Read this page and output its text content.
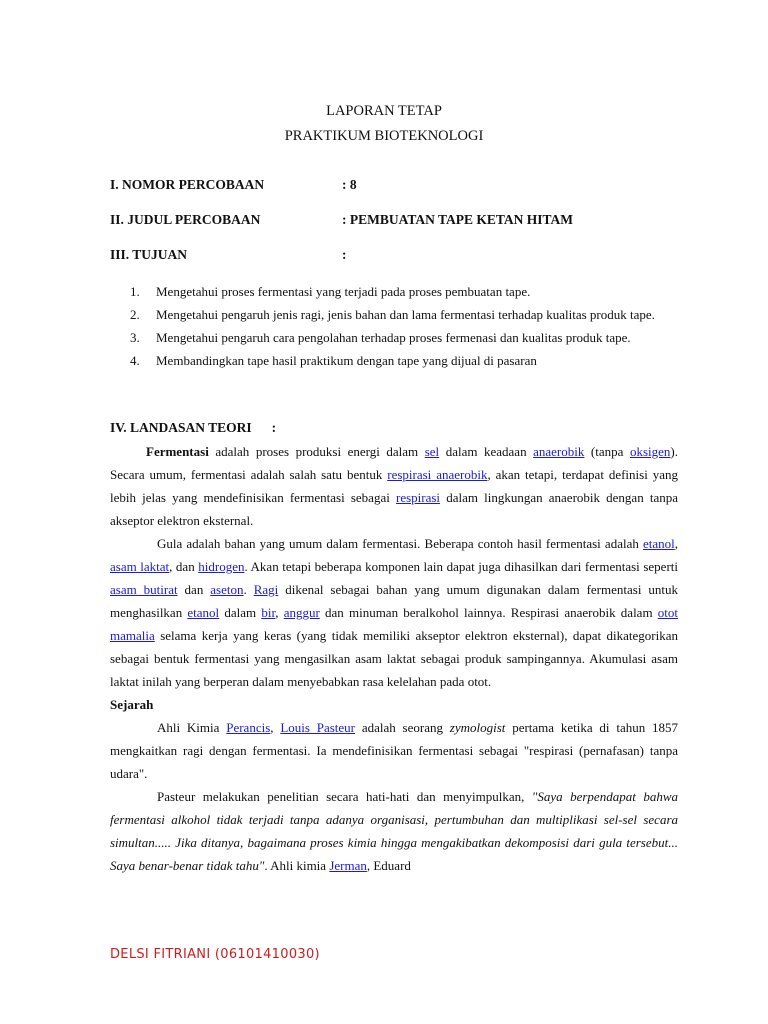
LAPORAN TETAP
PRAKTIKUM BIOTEKNOLOGI
I. NOMOR PERCOBAAN	: 8
II. JUDUL PERCOBAAN	: PEMBUATAN TAPE KETAN HITAM
III. TUJUAN	:
1. Mengetahui proses fermentasi yang terjadi pada proses pembuatan tape.
2. Mengetahui pengaruh jenis ragi, jenis bahan dan lama fermentasi terhadap kualitas produk tape.
3. Mengetahui pengaruh cara pengolahan terhadap proses fermenasi dan kualitas produk tape.
4. Membandingkan tape hasil praktikum dengan tape yang dijual di pasaran
IV. LANDASAN TEORI :

Fermentasi adalah proses produksi energi dalam sel dalam keadaan anaerobik (tanpa oksigen). Secara umum, fermentasi adalah salah satu bentuk respirasi anaerobik, akan tetapi, terdapat definisi yang lebih jelas yang mendefinisikan fermentasi sebagai respirasi dalam lingkungan anaerobik dengan tanpa akseptor elektron eksternal.

Gula adalah bahan yang umum dalam fermentasi. Beberapa contoh hasil fermentasi adalah etanol, asam laktat, dan hidrogen. Akan tetapi beberapa komponen lain dapat juga dihasilkan dari fermentasi seperti asam butirat dan aseton. Ragi dikenal sebagai bahan yang umum digunakan dalam fermentasi untuk menghasilkan etanol dalam bir, anggur dan minuman beralkohol lainnya. Respirasi anaerobik dalam otot mamalia selama kerja yang keras (yang tidak memiliki akseptor elektron eksternal), dapat dikategorikan sebagai bentuk fermentasi yang mengasilkan asam laktat sebagai produk sampingannya. Akumulasi asam laktat inilah yang berperan dalam menyebabkan rasa kelelahan pada otot.

Sejarah

Ahli Kimia Perancis, Louis Pasteur adalah seorang zymologist pertama ketika di tahun 1857 mengkaitkan ragi dengan fermentasi. Ia mendefinisikan fermentasi sebagai "respirasi (pernafasan) tanpa udara".

Pasteur melakukan penelitian secara hati-hati dan menyimpulkan, "Saya berpendapat bahwa fermentasi alkohol tidak terjadi tanpa adanya organisasi, pertumbuhan dan multiplikasi sel-sel secara simultan..... Jika ditanya, bagaimana proses kimia hingga mengakibatkan dekomposisi dari gula tersebut... Saya benar-benar tidak tahu". Ahli kimia Jerman, Eduard

DELSI FITRIANI (06101410030)
